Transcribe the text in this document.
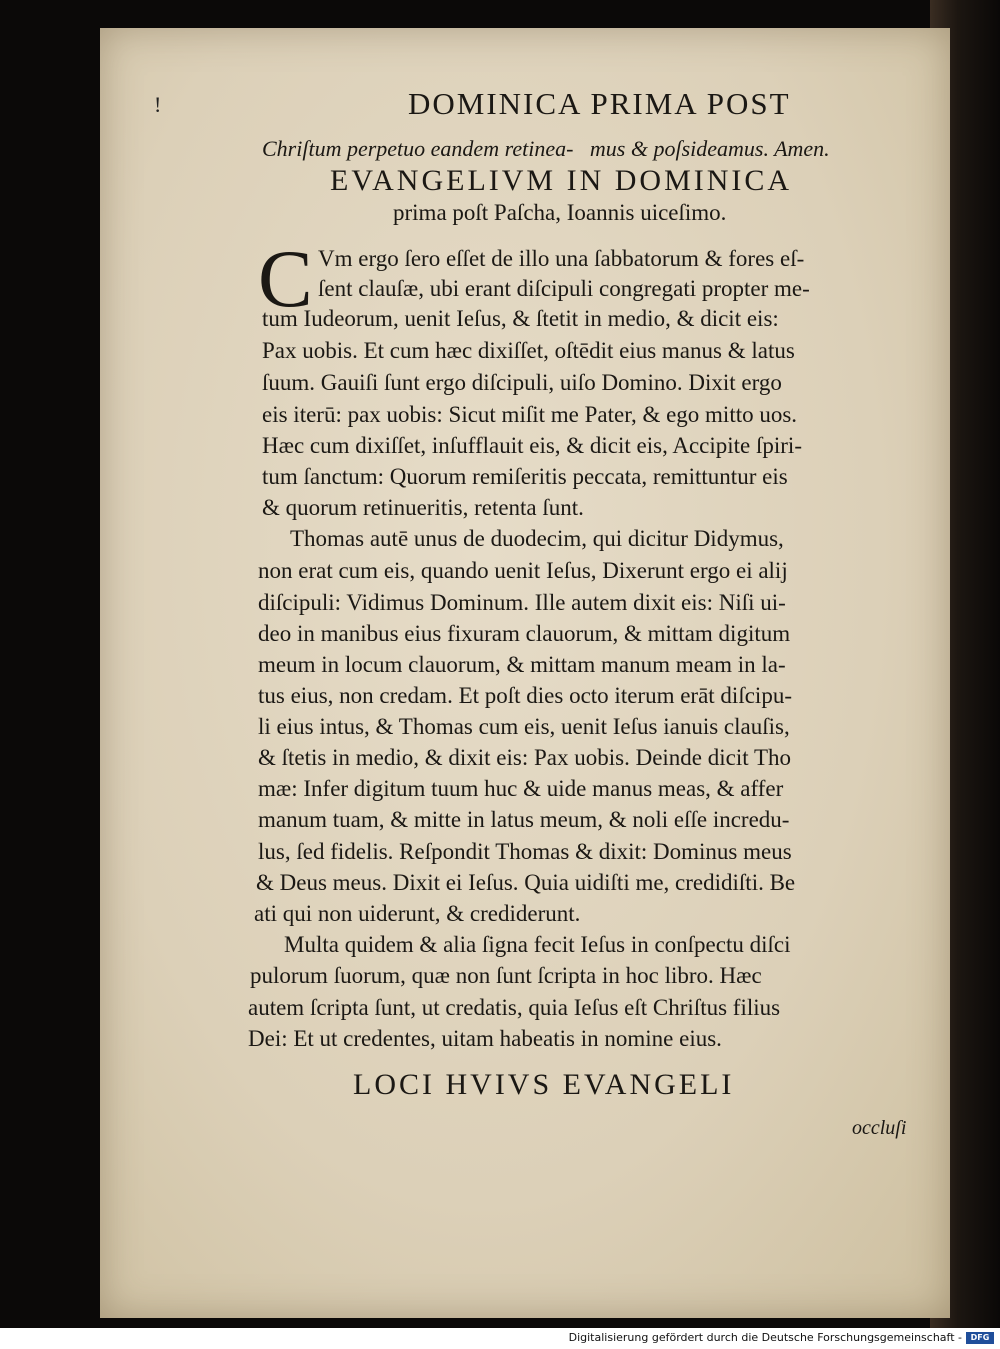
!	DOMINICA PRIMA POST
Chriſtum perpetuo eandem retinea-   mus & poſsideamus. Amen.
EVANGELIVM IN DOMINICA
prima poſt Paſcha, Ioannis uiceſimo.
C Vm ergo ſero eſſet de illo una ſabbatorum & fores eſ-
ſent clauſæ, ubi erant diſcipuli congregati propter me-
tum Iudeorum, uenit Ieſus, & ſtetit in medio, & dicit eis:
Pax uobis. Et cum hæc dixiſſet, oſtēdit eius manus & latus
ſuum. Gauiſi ſunt ergo diſcipuli, uiſo Domino. Dixit ergo
eis iterū: pax uobis: Sicut miſit me Pater, & ego mitto uos.
Hæc cum dixiſſet, inſufflauit eis, & dicit eis, Accipite ſpiri-
tum ſanctum: Quorum remiſeritis peccata, remittuntur eis
& quorum retinueritis, retenta ſunt.
Thomas autē unus de duodecim, qui dicitur Didymus,
non erat cum eis, quando uenit Ieſus, Dixerunt ergo ei alij
diſcipuli: Vidimus Dominum. Ille autem dixit eis: Niſi ui-
deo in manibus eius fixuram clauorum, & mittam digitum
meum in locum clauorum, & mittam manum meam in la-
tus eius, non credam. Et poſt dies octo iterum erāt diſcipu-
li eius intus, & Thomas cum eis, uenit Ieſus ianuis clauſis,
& ſtetis in medio, & dixit eis: Pax uobis. Deinde dicit Tho
mæ: Infer digitum tuum huc & uide manus meas, & affer
manum tuam, & mitte in latus meum, & noli eſſe incredu-
lus, ſed fidelis. Reſpondit Thomas & dixit: Dominus meus
& Deus meus. Dixit ei Ieſus. Quia uidiſti me, credidiſti. Be
ati qui non uiderunt, & crediderunt.
Multa quidem & alia ſigna fecit Ieſus in conſpectu diſci
pulorum ſuorum, quæ non ſunt ſcripta in hoc libro. Hæc
autem ſcripta ſunt, ut credatis, quia Ieſus eſt Chriſtus filius
Dei: Et ut credentes, uitam habeatis in nomine eius.
LOCI HVIVS EVANGELI
occluſi
Digitalisierung gefördert durch die Deutsche Forschungsgemeinschaft -	DFG
